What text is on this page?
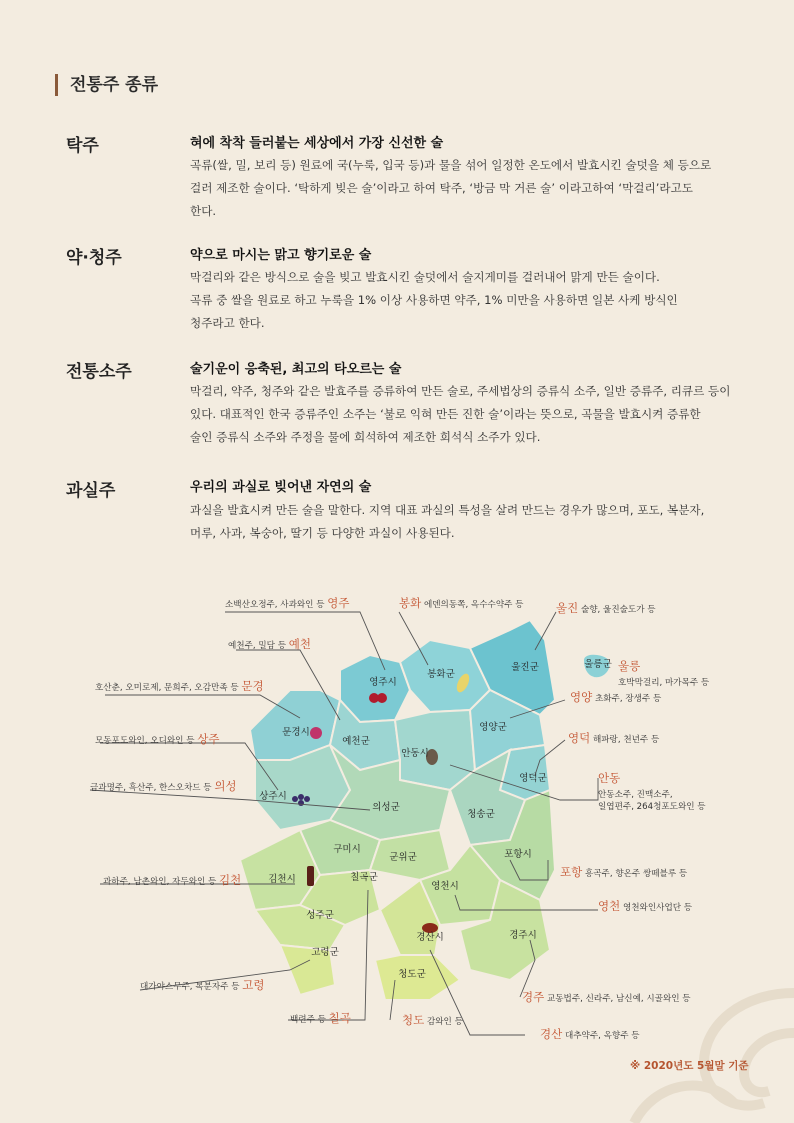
전통주 종류
탁주	혀에 착착 들러붙는 세상에서 가장 신선한 술
곡류(쌀, 밀, 보리 등) 원료에 국(누룩, 입국 등)과 물을 섞어 일정한 온도에서 발효시킨 술덧을 체 등으로
걸러 제조한 술이다. ‘탁하게 빚은 술’이라고 하여 탁주, ‘방금 막 거른 술’ 이라고하여 ‘막걸리’라고도
한다.
약·청주	약으로 마시는 맑고 향기로운 술
막걸리와 같은 방식으로 술을 빚고 발효시킨 술덧에서 술지게미를 걸러내어 맑게 만든 술이다.
곡류 중 쌀을 원료로 하고 누룩을 1% 이상 사용하면 약주, 1% 미만을 사용하면 일본 사케 방식인
청주라고 한다.
전통소주	술기운이 응축된, 최고의 타오르는 술
막걸리, 약주, 청주와 같은 발효주를 증류하여 만든 술로, 주세법상의 증류식 소주, 일반 증류주, 리큐르 등이
있다. 대표적인 한국 증류주인 소주는 ‘불로 익혀 만든 진한 술’이라는 뜻으로, 곡물을 발효시켜 증류한
술인 증류식 소주와 주정을 물에 희석하여 제조한 희석식 소주가 있다.
과실주	우리의 과실로 빚어낸 자연의 술
과실을 발효시켜 만든 술을 말한다. 지역 대표 과실의 특성을 살려 만드는 경우가 많으며, 포도, 복분자,
머루, 사과, 복숭아, 딸기 등 다양한 과실이 사용된다.
영주시
봉화군
울진군	울릉군
문경시
예천군
안동시
영양군
상주시
의성군
영덕군
청송군
구미시
군위군	포항시
김천시	칠곡군
영천시
성주군
경산시	경주시
고령군
청도군
소백산오정주, 사과와인 등 영주	봉화 에덴의동쪽, 옥수수약주 등	울진 술향, 울진술도가 등
예천주, 밀담 등 예천
울릉
호박막걸리, 마가목주 등
호산춘, 오미로제, 문희주, 오감만족 등 문경
영양 초화주, 장생주 등
모동포도와인, 오디와인 등 상주	영덕 해파랑, 천년주 등
금과명주, 흑산주, 한스오차드 등 의성
안동
안동소주, 진맥소주,
일엽편주, 264청포도와인 등
포항 흥곡주, 향온주 쌍떼블루 등
과하주, 남촌와인, 자두와인 등 김천
영천 영천와인사업단 등
대가야스무주, 복분자주 등 고령
경주 교동법주, 신라주, 남신예, 시골와인 등
백련주 등 칠곡	청도 감와인 등
경산 대추약주, 옥향주 등
※ 2020년도 5월말 기준
